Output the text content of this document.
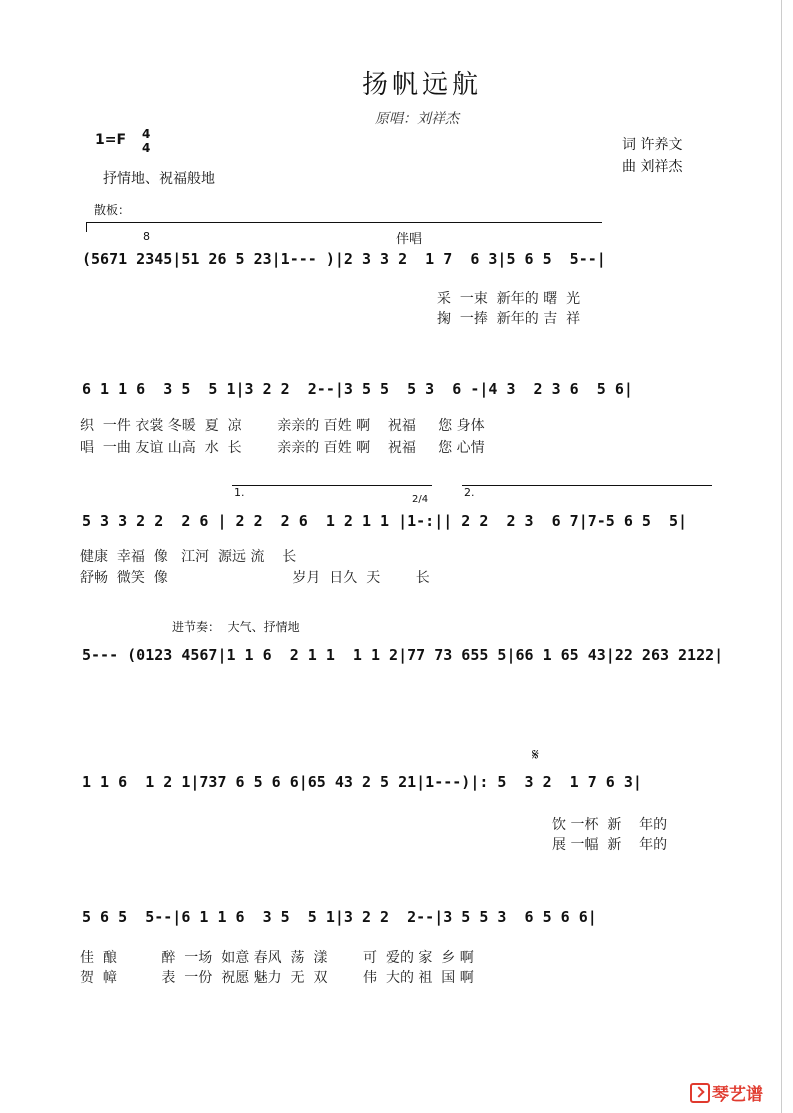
扬帆远航
原唱：刘祥杰
1=F 4
4	词 许养文
曲 刘祥杰
抒情地、祝福般地
散板：
8	伴唱
(5671 2345|51 26 5 23|1--- )|2 3 3 2  1 7  6 3|5 6 5  5--|
采  一束  新年的 曙  光
掬  一捧  新年的 吉  祥
6 1 1 6  3 5  5 1|3 2 2  2--|3 5 5  5 3  6 -|4 3  2 3 6  5 6|
织  一件 衣裳 冬暖  夏  凉        亲亲的 百姓 啊    祝福     您 身体
唱  一曲 友谊 山高  水  长        亲亲的 百姓 啊    祝福     您 心情
1.	2.
2/4
5 3 3 2 2  2 6 | 2 2  2 6  1 2 1 1 |1-:|| 2 2  2 3  6 7|7-5 6 5  5|
健康  幸福  像   江河  源远 流    长
舒畅  微笑  像                            岁月  日久  天        长
进节奏：  大气、抒情地
5--- (0123 4567|1 1 6  2 1 1  1 1 2|77 73 655 5|66 1 65 43|22 263 2122|
𝄋
1 1 6  1 2 1|737 6 5 6 6|65 43 2 5 21|1---)|: 5  3 2  1 7 6 3|
饮 一杯  新    年的
展 一幅  新    年的
5 6 5  5--|6 1 1 6  3 5  5 1|3 2 2  2--|3 5 5 3  6 5 6 6|
佳  酿          醉  一场  如意 春风  荡  漾        可  爱的 家  乡 啊
贺  幛          表  一份  祝愿 魅力  无  双        伟  大的 祖  国 啊
琴艺谱
